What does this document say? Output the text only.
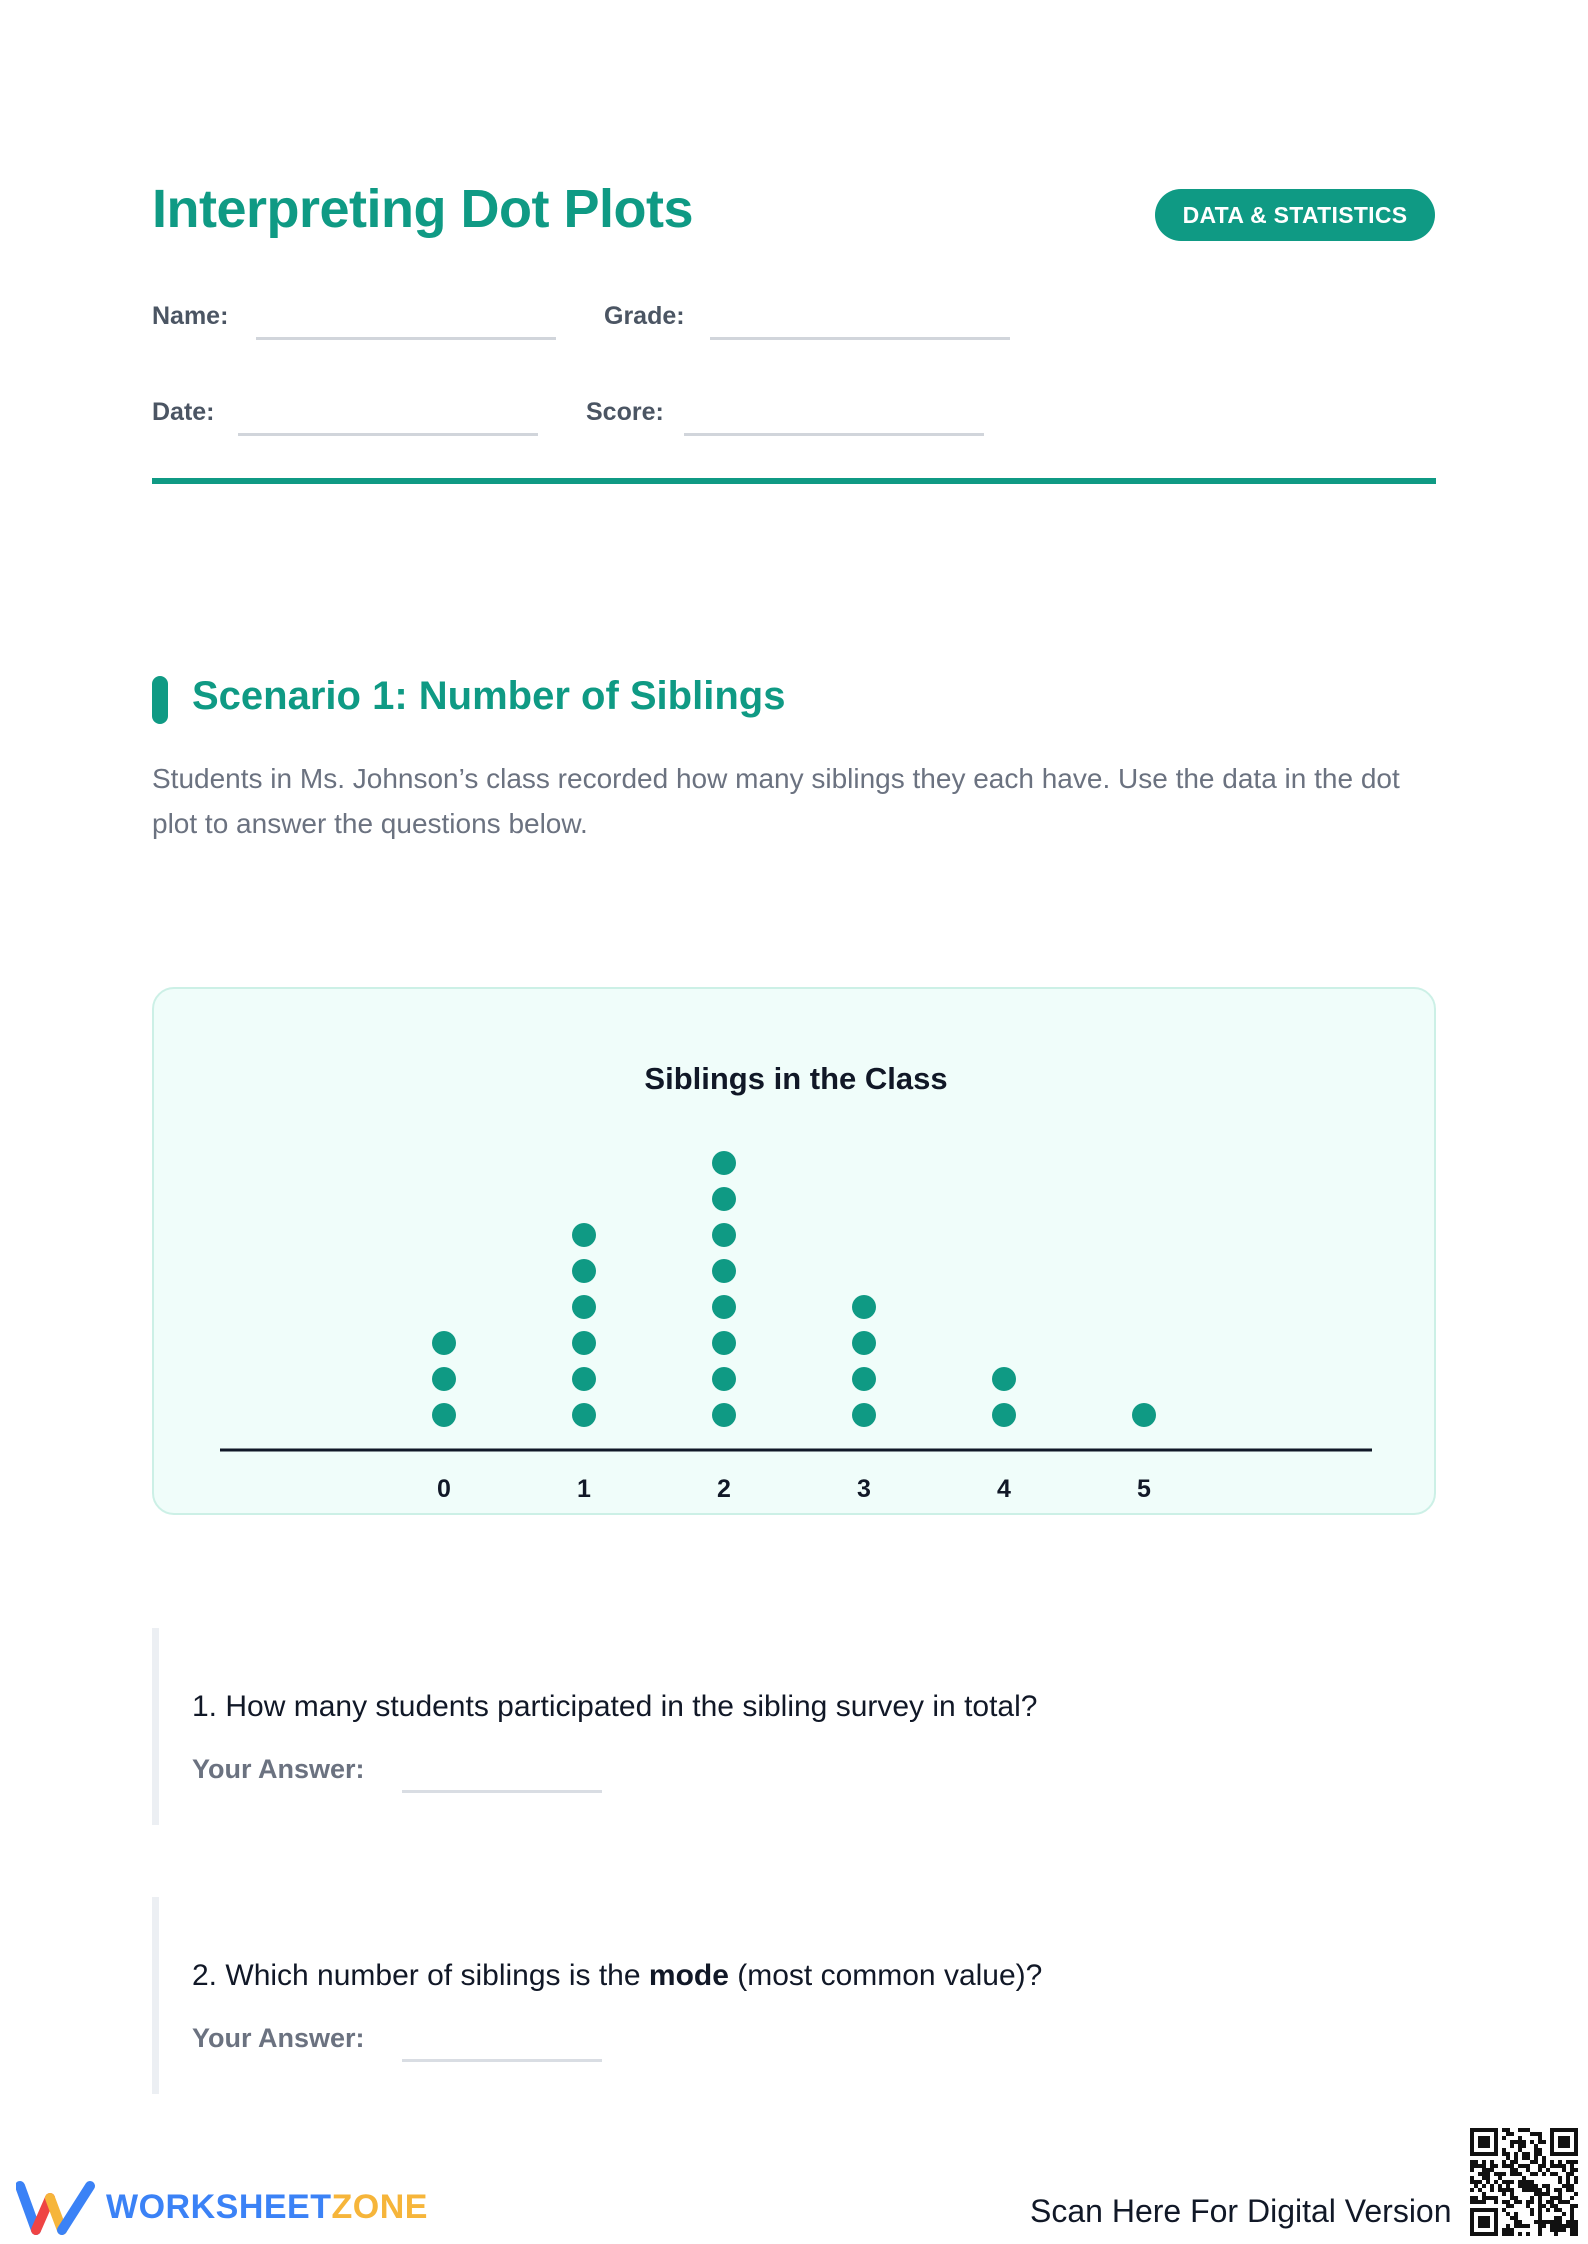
Interpreting Dot Plots	DATA & STATISTICS
Name:	Grade:
Date:	Score:
Scenario 1: Number of Siblings
Students in Ms. Johnson’s class recorded how many siblings they each have. Use the data in the dot plot to answer the questions below.
Siblings in the Class
0	1	2	3	4	5
1. How many students participated in the sibling survey in total?
Your Answer:
2. Which number of siblings is the mode (most common value)?
Your Answer:
WORKSHEETZONE	Scan Here For Digital Version
